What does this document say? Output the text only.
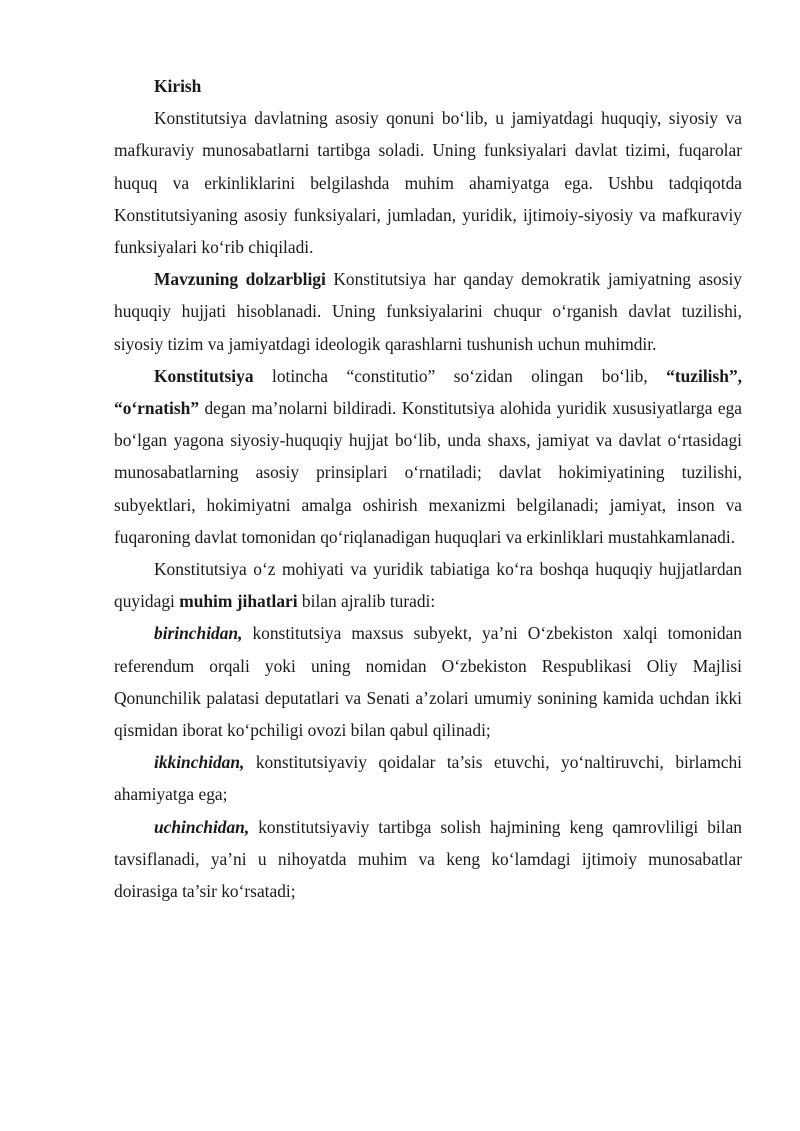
Kirish

Konstitutsiya davlatning asosiy qonuni bo‘lib, u jamiyatdagi huquqiy, siyosiy va mafkuraviy munosabatlarni tartibga soladi. Uning funksiyalari davlat tizimi, fuqarolar huquq va erkinliklarini belgilashda muhim ahamiyatga ega. Ushbu tadqiqotda Konstitutsiyaning asosiy funksiyalari, jumladan, yuridik, ijtimoiy-siyosiy va mafkuraviy funksiyalari ko‘rib chiqiladi.

Mavzuning dolzarbligi Konstitutsiya har qanday demokratik jamiyatning asosiy huquqiy hujjati hisoblanadi. Uning funksiyalarini chuqur o‘rganish davlat tuzilishi, siyosiy tizim va jamiyatdagi ideologik qarashlarni tushunish uchun muhimdir.

Konstitutsiya lotincha “constitutio” so‘zidan olingan bo‘lib, “tuzilish”, “o‘rnatish” degan ma’nolarni bildiradi. Konstitutsiya alohida yuridik xususiyatlarga ega bo‘lgan yagona siyosiy-huquqiy hujjat bo‘lib, unda shaxs, jamiyat va davlat o‘rtasidagi munosabatlarning asosiy prinsiplari o‘rnatiladi; davlat hokimiyatining tuzilishi, subyektlari, hokimiyatni amalga oshirish mexanizmi belgilanadi; jamiyat, inson va fuqaroning davlat tomonidan qo‘riqlanadigan huquqlari va erkinliklari mustahkamlanadi.

Konstitutsiya o‘z mohiyati va yuridik tabiatiga ko‘ra boshqa huquqiy hujjatlardan quyidagi muhim jihatlari bilan ajralib turadi:

birinchidan, konstitutsiya maxsus subyekt, ya’ni O‘zbekiston xalqi tomonidan referendum orqali yoki uning nomidan O‘zbekiston Respublikasi Oliy Majlisi Qonunchilik palatasi deputatlari va Senati a’zolari umumiy sonining kamida uchdan ikki qismidan iborat ko‘pchiligi ovozi bilan qabul qilinadi;

ikkinchidan, konstitutsiyaviy qoidalar ta’sis etuvchi, yo‘naltiruvchi, birlamchi ahamiyatga ega;

uchinchidan, konstitutsiyaviy tartibga solish hajmining keng qamrovliligi bilan tavsiflanadi, ya’ni u nihoyatda muhim va keng ko‘lamdagi ijtimoiy munosabatlar doirasiga ta’sir ko‘rsatadi;
